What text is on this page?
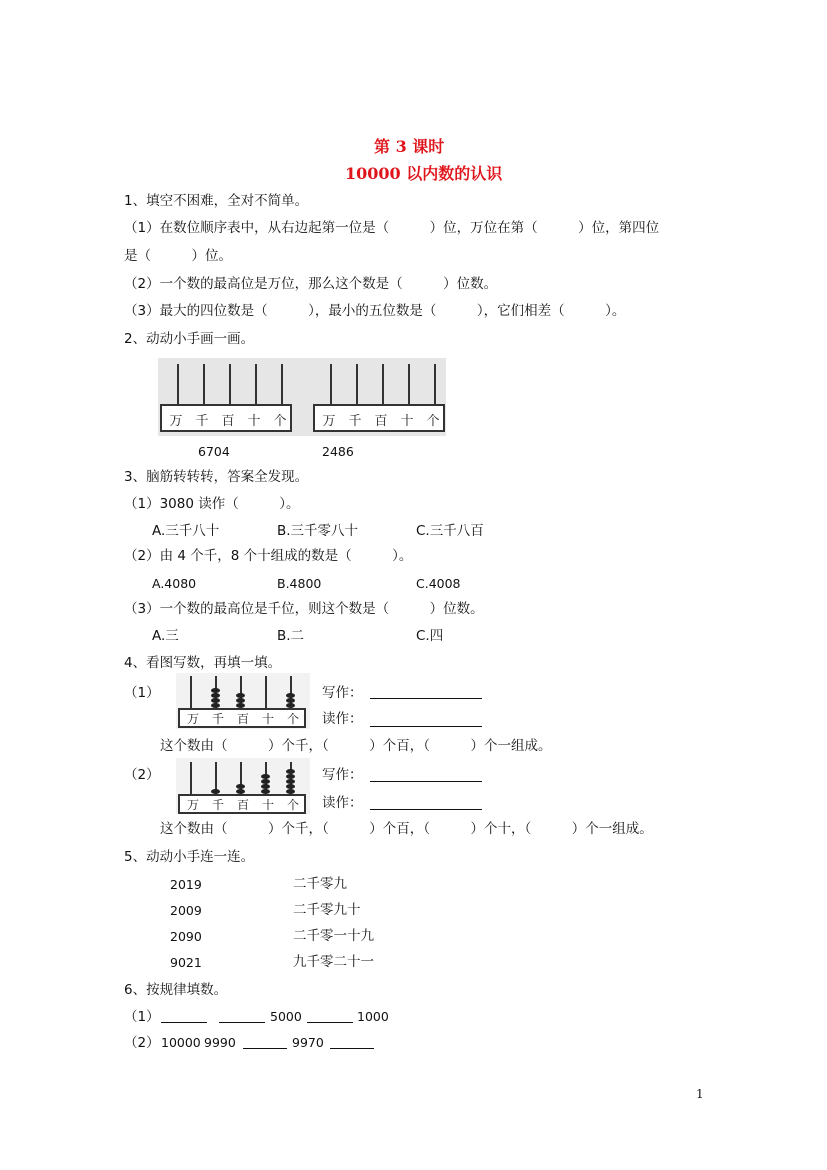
第 3 课时
10000 以内数的认识
1、填空不困难，全对不简单。
（1）在数位顺序表中，从右边起第一位是（　　　）位，万位在第（　　　）位，第四位
是（　　　）位。
（2）一个数的最高位是万位，那么这个数是（　　　）位数。
（3）最大的四位数是（　　　），最小的五位数是（　　　），它们相差（　　　）。
2、动动小手画一画。
万 千 百 十 个	万 千 百 十 个
6704	2486
3、脑筋转转转，答案全发现。
（1）3080 读作（　　　）。
A.三千八十	B.三千零八十	C.三千八百
（2）由 4 个千，8 个十组成的数是（　　　）。
A.4080	B.4800	C.4008
（3）一个数的最高位是千位，则这个数是（　　　）位数。
A.三	B.二	C.四
4、看图写数，再填一填。
（1）
万	千	百	十	个
写作：
读作：
这个数由（　　　）个千，（　　　）个百，（　　　）个一组成。
（2）
万	千	百	十	个
写作：
读作：
这个数由（　　　）个千，（　　　）个百，（　　　）个十，（　　　）个一组成。
5、动动小手连一连。
2019
2009
2090
9021
二千零九
二千零九十
二千零一十九
九千零二十一
6、按规律填数。
（1）	5000	1000
（2） 10000 9990	9970
1
